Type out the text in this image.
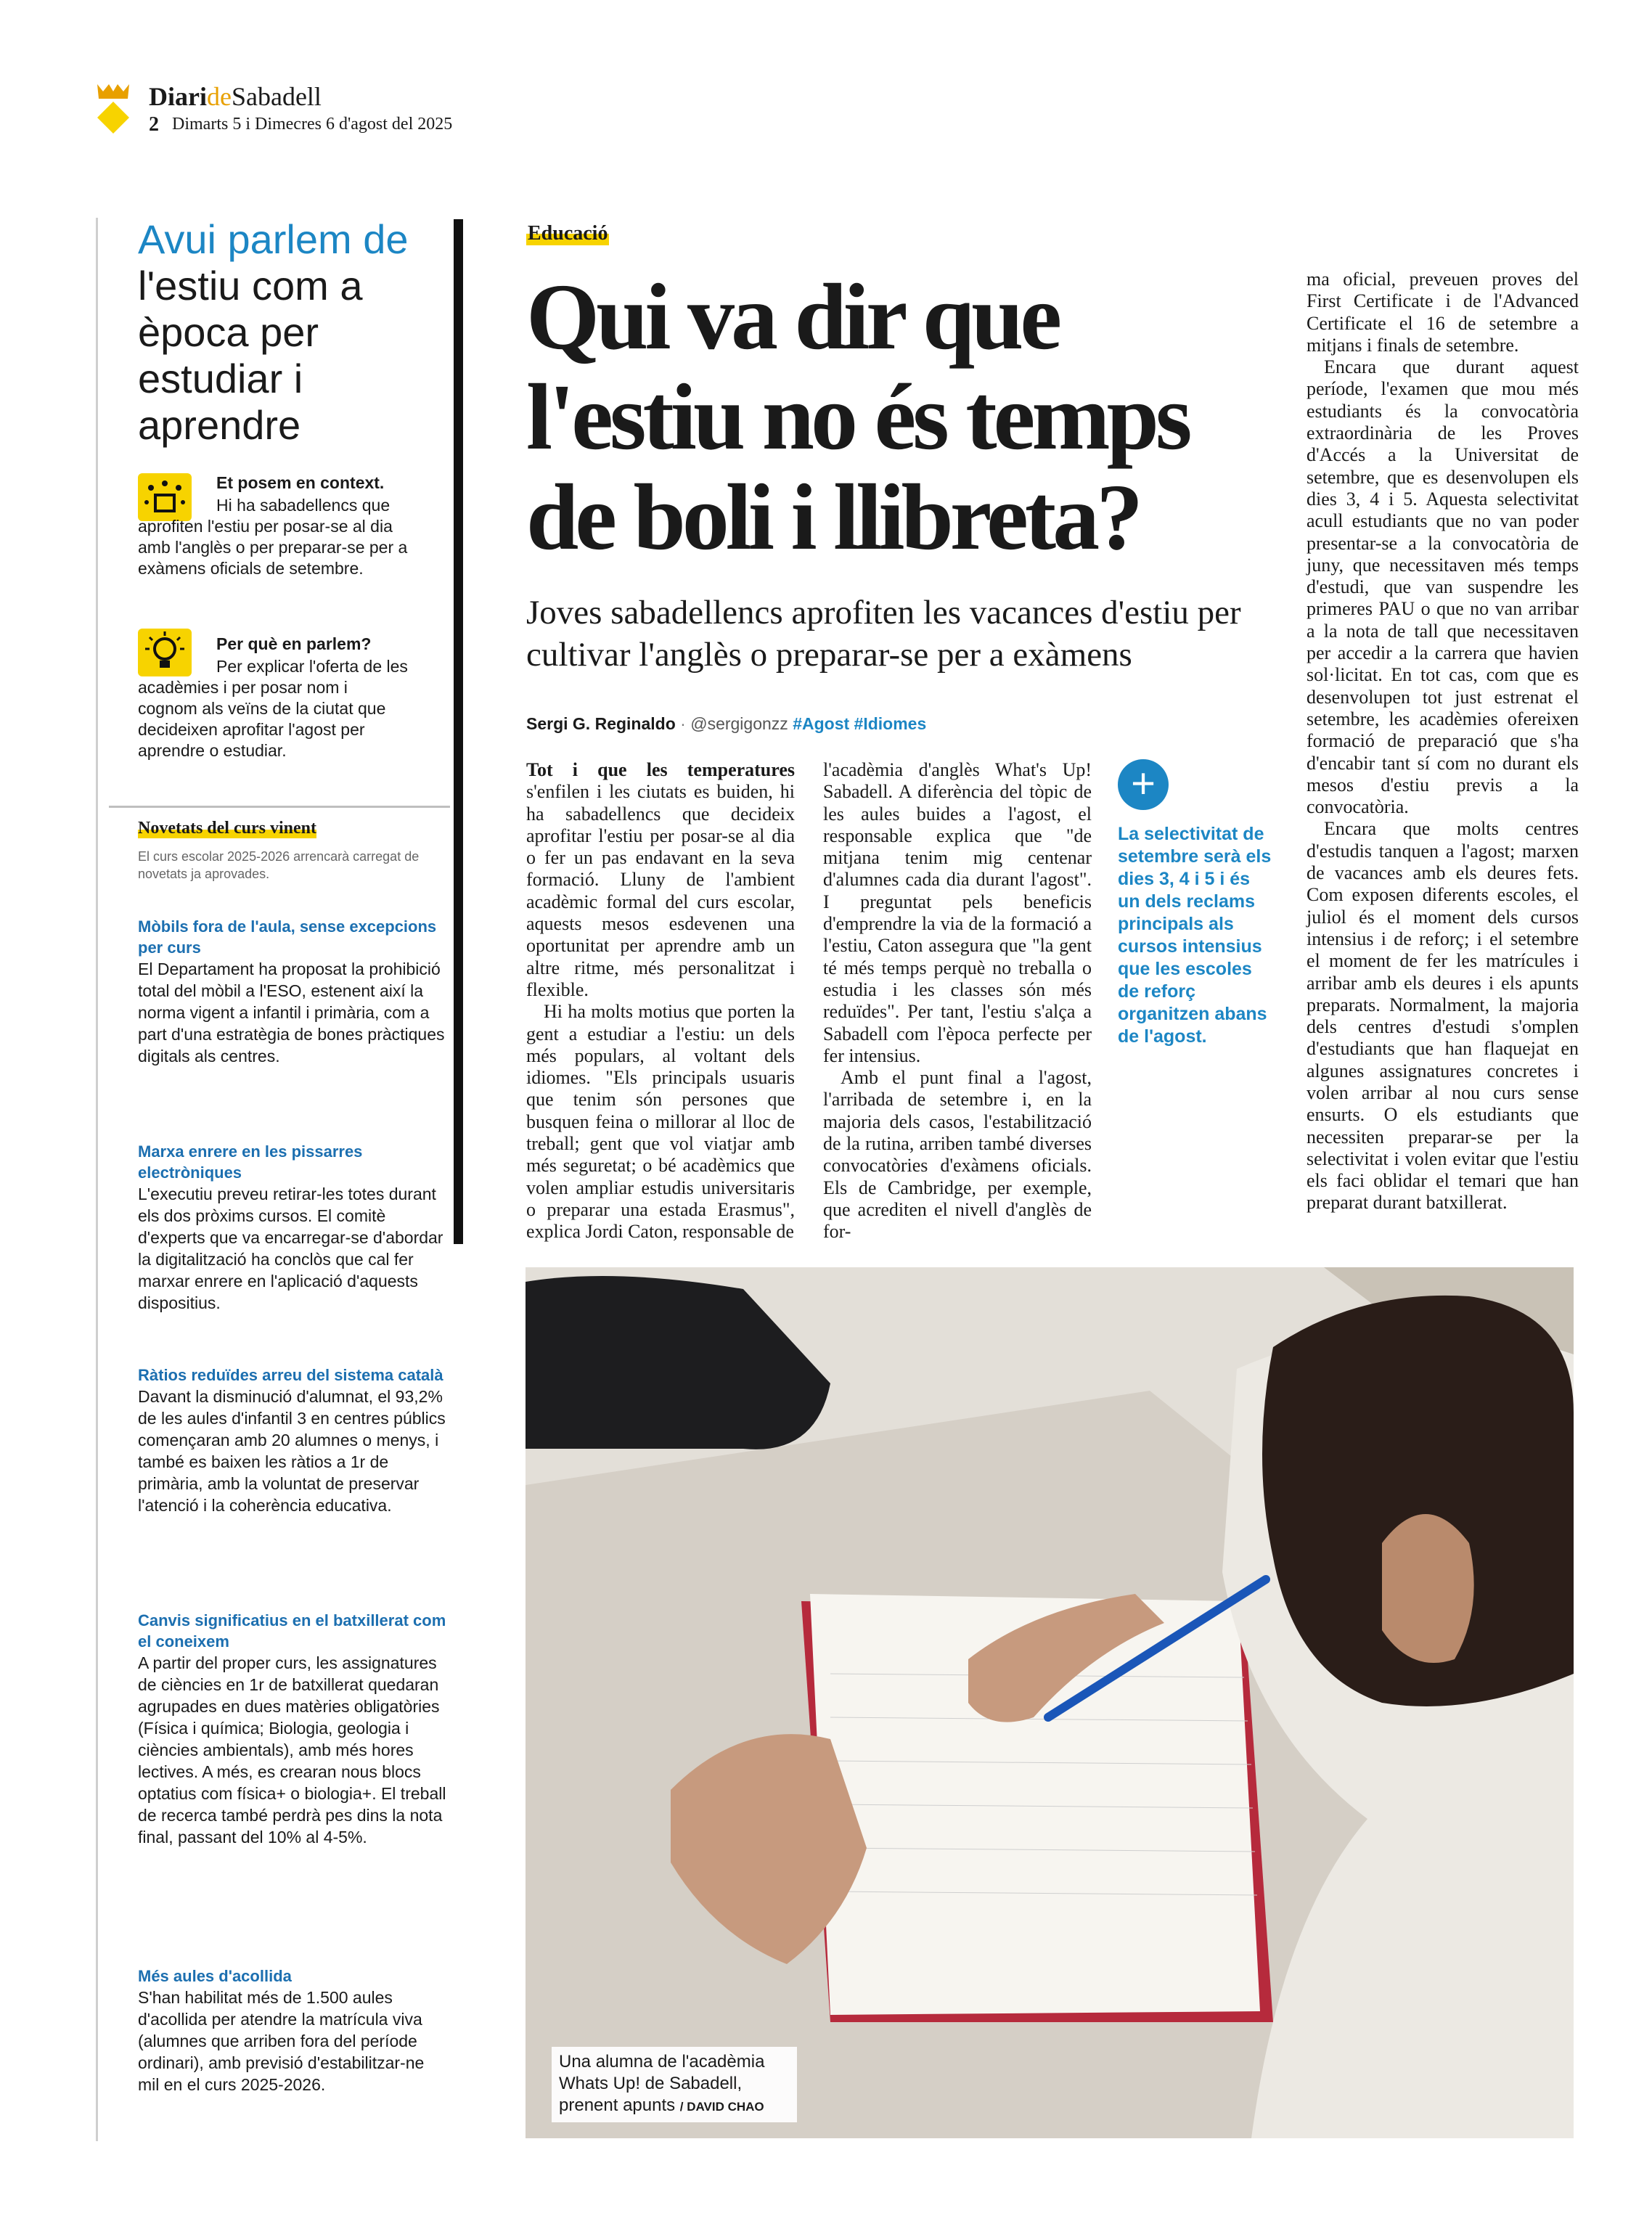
DiarideSabadell
2 Dimarts 5 i Dimecres 6 d'agost del 2025
Avui parlem de l'estiu com a època per estudiar i aprendre
Et posem en context.
Hi ha sabadellencs que aprofiten l'estiu per posar-se al dia amb l'anglès o per preparar-se per a exàmens oficials de setembre.
Per què en parlem?
Per explicar l'oferta de les acadèmies i per posar nom i cognom als veïns de la ciutat que decideixen aprofitar l'agost per aprendre o estudiar.
Novetats del curs vinent
El curs escolar 2025-2026 arrencarà carregat de novetats ja aprovades.
Mòbils fora de l'aula, sense excepcions per curs
El Departament ha proposat la prohibició total del mòbil a l'ESO, estenent així la norma vigent a infantil i primària, com a part d'una estratègia de bones pràctiques digitals als centres.
Marxa enrere en les pissarres electròniques
L'executiu preveu retirar-les totes durant els dos pròxims cursos. El comitè d'experts que va encarregar-se d'abordar la digitalització ha conclòs que cal fer marxar enrere en l'aplicació d'aquests dispositius.
Ràtios reduïdes arreu del sistema català
Davant la disminució d'alumnat, el 93,2% de les aules d'infantil 3 en centres públics començaran amb 20 alumnes o menys, i també es baixen les ràtios a 1r de primària, amb la voluntat de preservar l'atenció i la coherència educativa.
Canvis significatius en el batxillerat com el coneixem
A partir del proper curs, les assignatures de ciències en 1r de batxillerat quedaran agrupades en dues matèries obligatòries (Física i química; Biologia, geologia i ciències ambientals), amb més hores lectives. A més, es crearan nous blocs optatius com física+ o biologia+. El treball de recerca també perdrà pes dins la nota final, passant del 10% al 4-5%.
Més aules d'acollida
S'han habilitat més de 1.500 aules d'acollida per atendre la matrícula viva (alumnes que arriben fora del període ordinari), amb previsió d'estabilitzar-ne mil en el curs 2025-2026.
Educació
Qui va dir que l'estiu no és temps de boli i llibreta?
Joves sabadellencs aprofiten les vacances d'estiu per cultivar l'anglès o preparar-se per a exàmens
Sergi G. Reginaldo · @sergigonzz #Agost #Idiomes

Tot i que les temperatures s'enfilen i les ciutats es buiden, hi ha sabadellencs que decideix aprofitar l'estiu per posar-se al dia o fer un pas endavant en la seva formació. Lluny de l'ambient acadèmic formal del curs escolar, aquests mesos esdevenen una oportunitat per aprendre amb un altre ritme, més personalitzat i flexible.

Hi ha molts motius que porten la gent a estudiar a l'estiu: un dels més populars, al voltant dels idiomes. "Els principals usuaris que tenim són persones que busquen feina o millorar al lloc de treball; gent que vol viatjar amb més seguretat; o bé acadèmics que volen ampliar estudis universitaris o preparar una estada Erasmus", explica Jordi Caton, responsable de

l'acadèmia d'anglès What's Up! Sabadell. A diferència del tòpic de les aules buides a l'agost, el responsable explica que "de mitjana tenim mig centenar d'alumnes cada dia durant l'agost". I preguntat pels beneficis d'emprendre la via de la formació a l'estiu, Caton assegura que "la gent té més temps perquè no treballa o estudia i les classes són més reduïdes". Per tant, l'estiu s'alça a Sabadell com l'època perfecte per fer intensius.

Amb el punt final a l'agost, l'arribada de setembre i, en la majoria dels casos, l'estabilització de la rutina, arriben també diverses convocatòries d'exàmens oficials. Els de Cambridge, per exemple, que acrediten el nivell d'anglès de for-

ma oficial, preveuen proves del First Certificate i de l'Advanced Certificate el 16 de setembre a mitjans i finals de setembre.

Encara que durant aquest període, l'examen que mou més estudiants és la convocatòria extraordinària de les Proves d'Accés a la Universitat de setembre, que es desenvolupen els dies 3, 4 i 5. Aquesta selectivitat acull estudiants que no van poder presentar-se a la convocatòria de juny, que necessitaven més temps d'estudi, que van suspendre les primeres PAU o que no van arribar a la nota de tall que necessitaven per accedir a la carrera que havien sol·licitat. En tot cas, com que es desenvolupen tot just estrenat el setembre, les acadèmies ofereixen formació de preparació que s'ha d'encabir tant sí com no durant els mesos d'estiu previs a la convocatòria.

Encara que molts centres d'estudis tanquen a l'agost; marxen de vacances amb els deures fets. Com exposen diferents escoles, el juliol és el moment dels cursos intensius i de reforç; i el setembre el moment de fer les matrícules i arribar amb els deures i els apunts preparats. Normalment, la majoria dels centres d'estudi s'omplen d'estudiants que han flaquejat en algunes assignatures concretes i volen arribar al nou curs sense ensurts. O els estudiants que necessiten preparar-se per la selectivitat i volen evitar que l'estiu els faci oblidar el temari que han preparat durant batxillerat.

+
La selectivitat de setembre serà els dies 3, 4 i 5 i és un dels reclams principals als cursos intensius que les escoles de reforç organitzen abans de l'agost.
Una alumna de l'acadèmia Whats Up! de Sabadell, prenent apunts / DAVID CHAO
